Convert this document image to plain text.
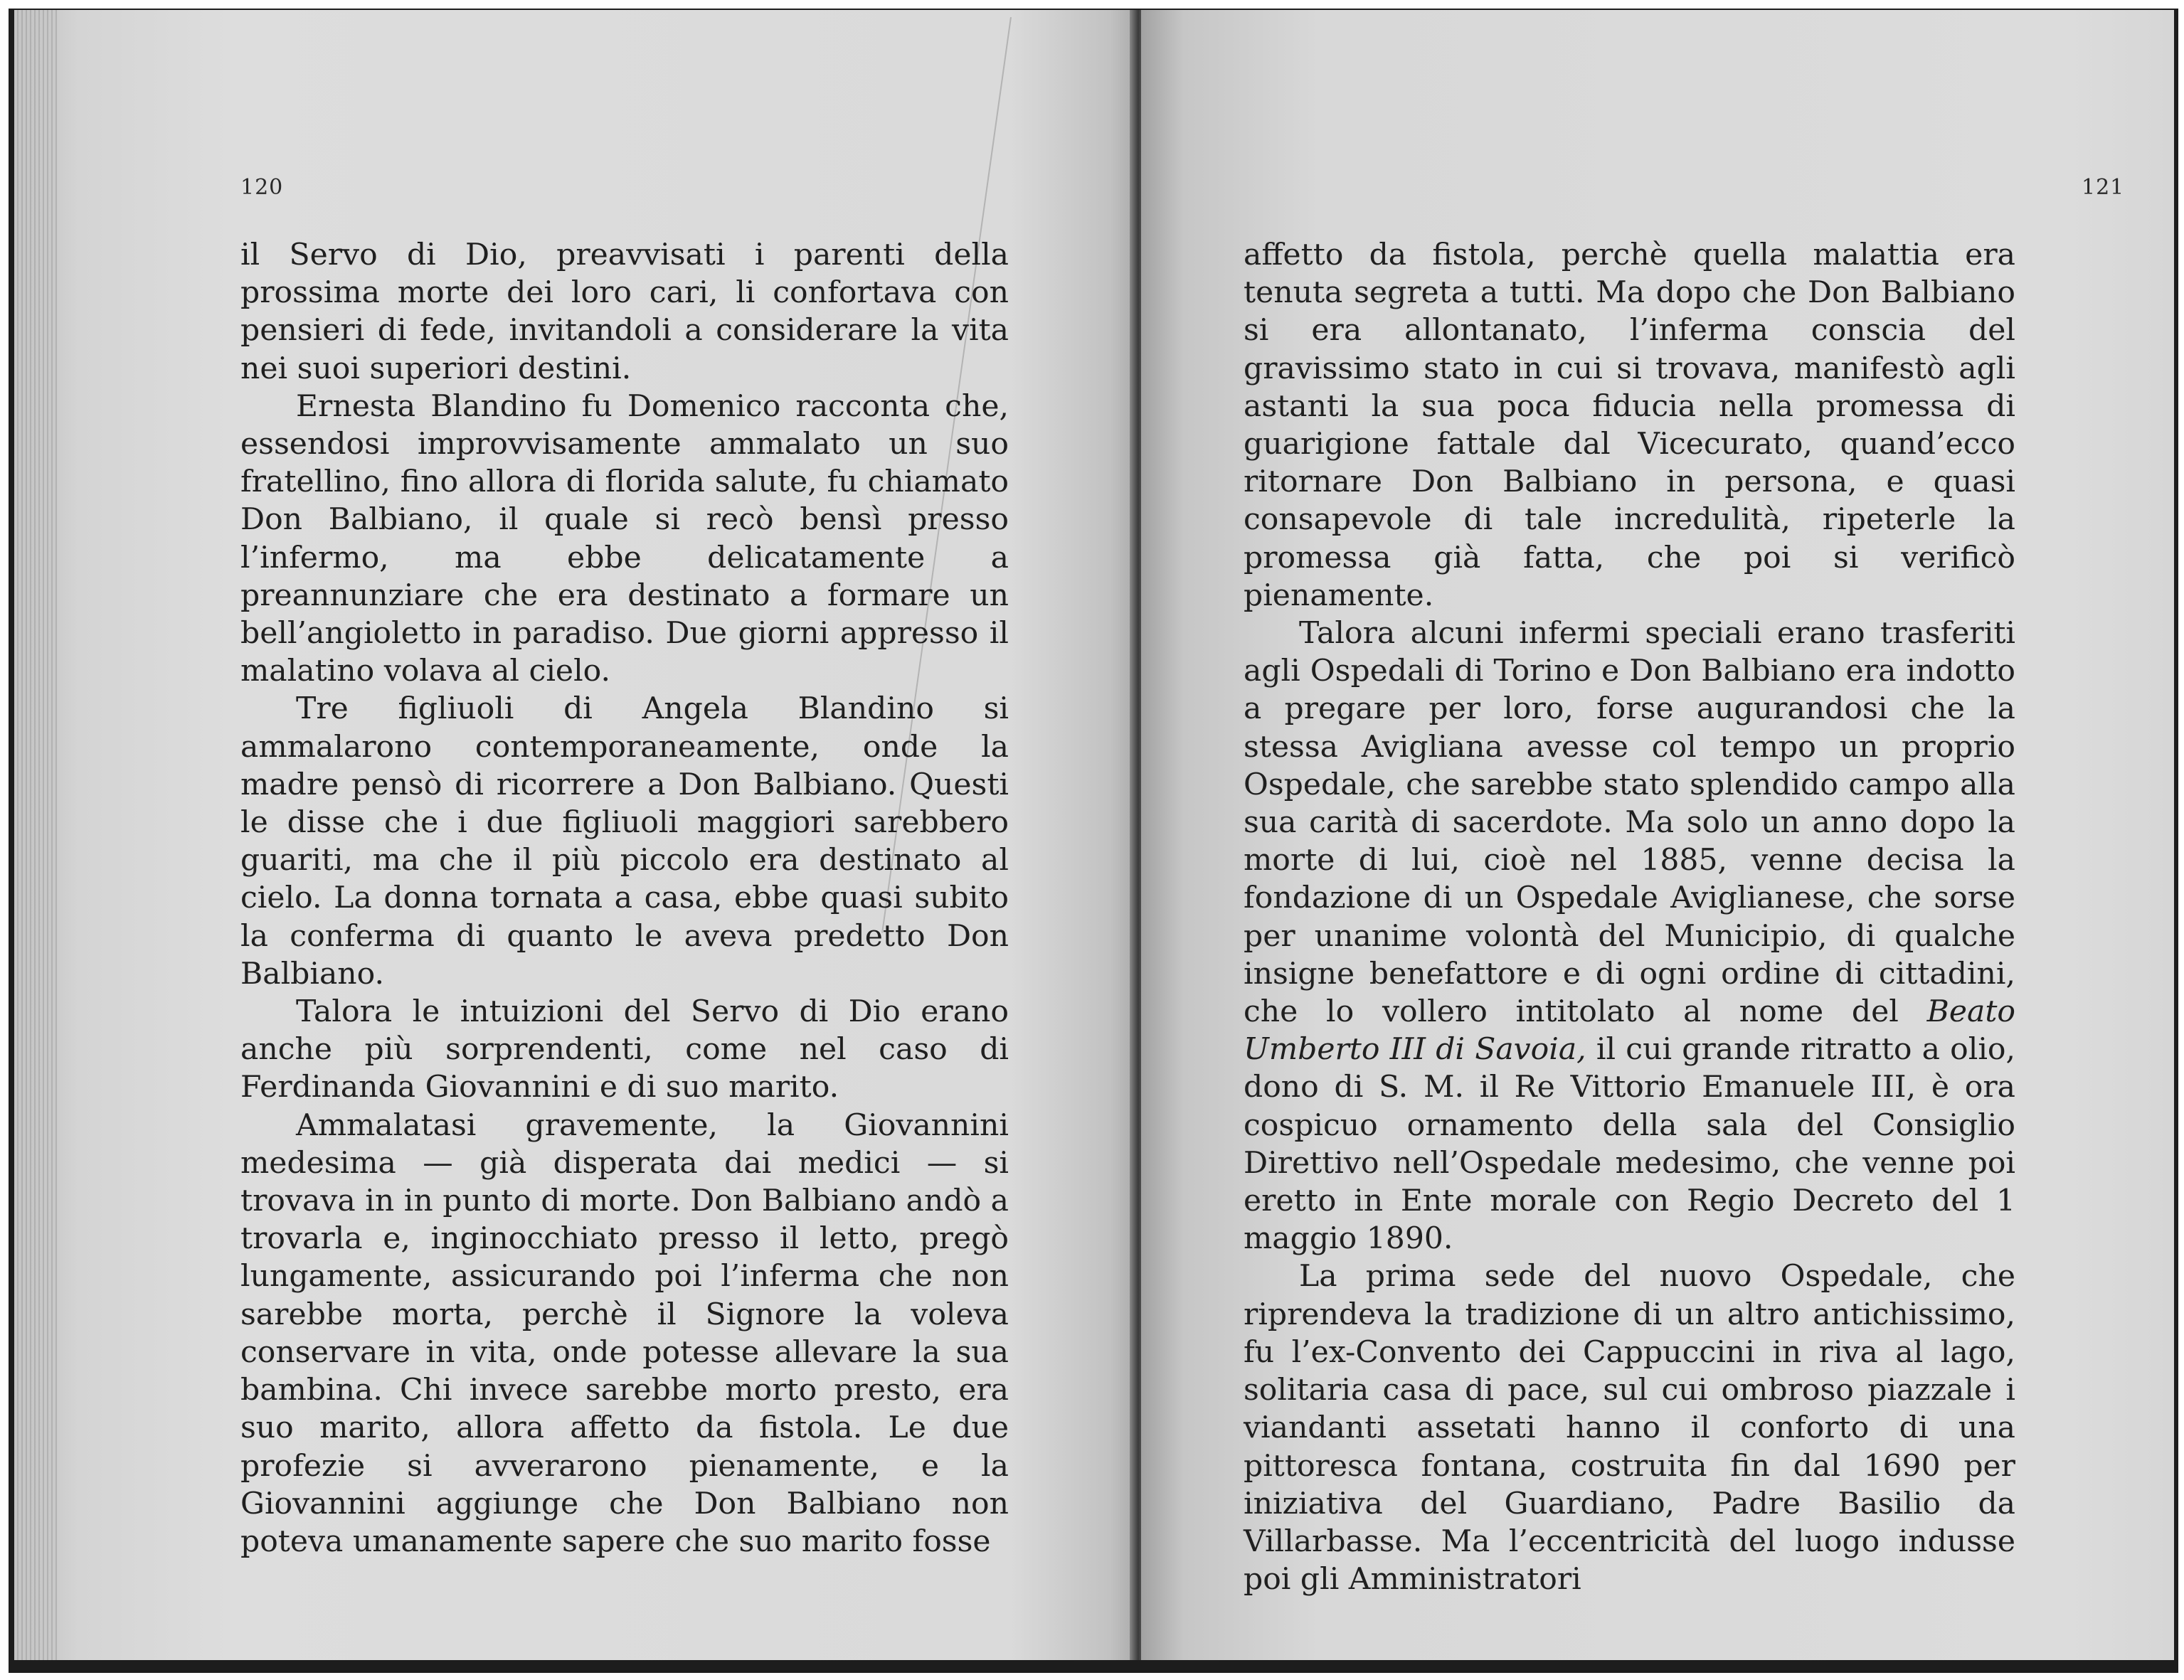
120

il Servo di Dio, preavvisati i parenti della prossima morte dei loro cari, li confortava con pensieri di fede, invitandoli a considerare la vita nei suoi superiori destini.

Ernesta Blandino fu Domenico racconta che, essendosi improvvisamente ammalato un suo fratellino, fino allora di florida salute, fu chiamato Don Balbiano, il quale si recò bensì presso l’infermo, ma ebbe delicatamente a preannunziare che era destinato a formare un bell’angioletto in paradiso. Due giorni appresso il malatino volava al cielo.

Tre figliuoli di Angela Blandino si ammalarono contemporaneamente, onde la madre pensò di ricorrere a Don Balbiano. Questi le disse che i due figliuoli maggiori sarebbero guariti, ma che il più piccolo era destinato al cielo. La donna tornata a casa, ebbe quasi subito la conferma di quanto le aveva predetto Don Balbiano.

Talora le intuizioni del Servo di Dio erano anche più sorprendenti, come nel caso di Ferdinanda Giovannini e di suo marito.

Ammalatasi gravemente, la Giovannini medesima — già disperata dai medici — si trovava in in punto di morte. Don Balbiano andò a trovarla e, inginocchiato presso il letto, pregò lungamente, assicurando poi l’inferma che non sarebbe morta, perchè il Signore la voleva conservare in vita, onde potesse allevare la sua bambina. Chi invece sarebbe morto presto, era suo marito, allora affetto da fistola. Le due profezie si avverarono pienamente, e la Giovannini aggiunge che Don Balbiano non poteva umanamente sapere che suo marito fosse

121

affetto da fistola, perchè quella malattia era tenuta segreta a tutti. Ma dopo che Don Balbiano si era allontanato, l’inferma conscia del gravissimo stato in cui si trovava, manifestò agli astanti la sua poca fiducia nella promessa di guarigione fattale dal Vicecurato, quand’ecco ritornare Don Balbiano in persona, e quasi consapevole di tale incredulità, ripeterle la promessa già fatta, che poi si verificò pienamente.

Talora alcuni infermi speciali erano trasferiti agli Ospedali di Torino e Don Balbiano era indotto a pregare per loro, forse augurandosi che la stessa Avigliana avesse col tempo un proprio Ospedale, che sarebbe stato splendido campo alla sua carità di sacerdote. Ma solo un anno dopo la morte di lui, cioè nel 1885, venne decisa la fondazione di un Ospedale Aviglianese, che sorse per unanime volontà del Municipio, di qualche insigne benefattore e di ogni ordine di cittadini, che lo vollero intitolato al nome del Beato Umberto III di Savoia, il cui grande ritratto a olio, dono di S. M. il Re Vittorio Emanuele III, è ora cospicuo ornamento della sala del Consiglio Direttivo nell’Ospedale medesimo, che venne poi eretto in Ente morale con Regio Decreto del 1 maggio 1890.

La prima sede del nuovo Ospedale, che riprendeva la tradizione di un altro antichissimo, fu l’ex-Convento dei Cappuccini in riva al lago, solitaria casa di pace, sul cui ombroso piazzale i viandanti assetati hanno il conforto di una pittoresca fontana, costruita fin dal 1690 per iniziativa del Guardiano, Padre Basilio da Villarbasse. Ma l’eccentricità del luogo indusse poi gli Amministratori
